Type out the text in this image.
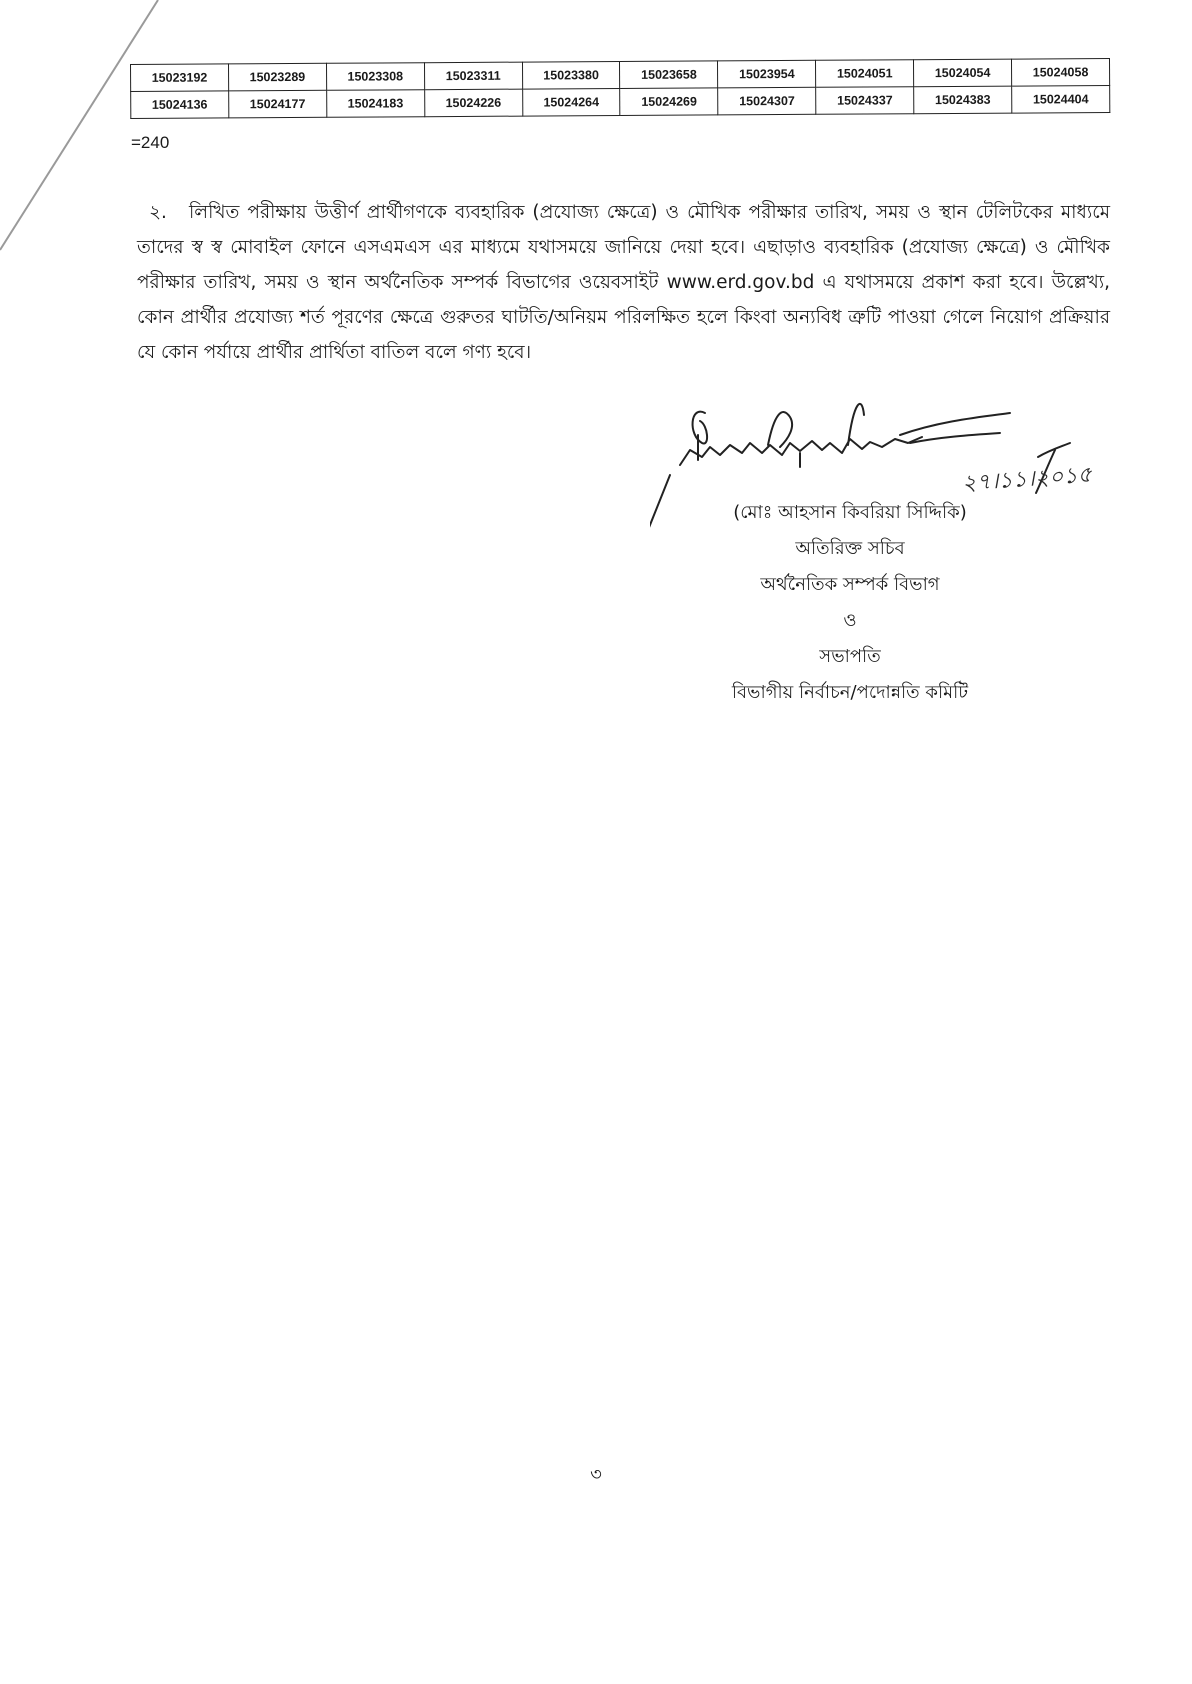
15023192	15023289	15023308	15023311	15023380	15023658	15023954	15024051	15024054	15024058
15024136	15024177	15024183	15024226	15024264	15024269	15024307	15024337	15024383	15024404
=240

২. লিখিত পরীক্ষায় উত্তীর্ণ প্রার্থীগণকে ব্যবহারিক (প্রযোজ্য ক্ষেত্রে) ও মৌখিক পরীক্ষার তারিখ, সময় ও স্থান টেলিটকের মাধ্যমে তাদের স্ব স্ব মোবাইল ফোনে এসএমএস এর মাধ্যমে যথাসময়ে জানিয়ে দেয়া হবে। এছাড়াও ব্যবহারিক (প্রযোজ্য ক্ষেত্রে) ও মৌখিক পরীক্ষার তারিখ, সময় ও স্থান অর্থনৈতিক সম্পর্ক বিভাগের ওয়েবসাইট www.erd.gov.bd এ যথাসময়ে প্রকাশ করা হবে। উল্লেখ্য, কোন প্রার্থীর প্রযোজ্য শর্ত পূরণের ক্ষেত্রে গুরুতর ঘাটতি/অনিয়ম পরিলক্ষিত হলে কিংবা অন্যবিধ ত্রুটি পাওয়া গেলে নিয়োগ প্রক্রিয়ার যে কোন পর্যায়ে প্রার্থীর প্রার্থিতা বাতিল বলে গণ্য হবে।

২৭।১১।২০১৫
(মোঃ আহসান কিবরিয়া সিদ্দিকি)
অতিরিক্ত সচিব
অর্থনৈতিক সম্পর্ক বিভাগ
ও
সভাপতি
বিভাগীয় নির্বাচন/পদোন্নতি কমিটি
৩
